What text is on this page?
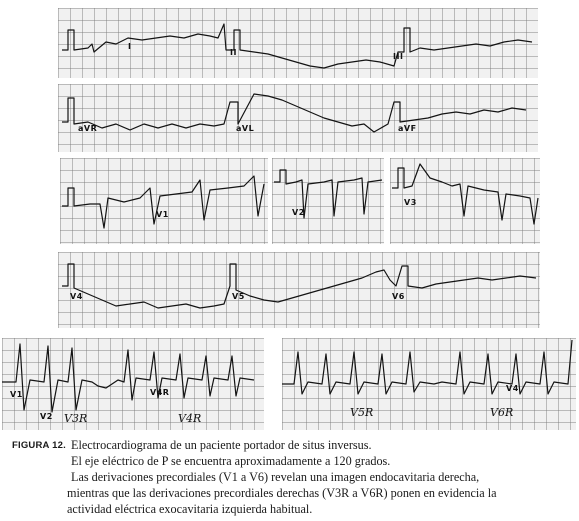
I
II	III
aVR	aVL	aVF
V1	V2
V3
V4	V5	V6
V1
V2 V3R
V4R
V4R
V4
V5R	V6R
FIGURA 12. Electrocardiograma de un paciente portador de situs inversus.
El eje eléctrico de P se encuentra aproximadamente a 120 grados.
Las derivaciones precordiales (V1 a V6) revelan una imagen endocavitaria derecha,
mientras que las derivaciones precordiales derechas (V3R a V6R) ponen en evidencia la
actividad eléctrica exocavitaria izquierda habitual.
